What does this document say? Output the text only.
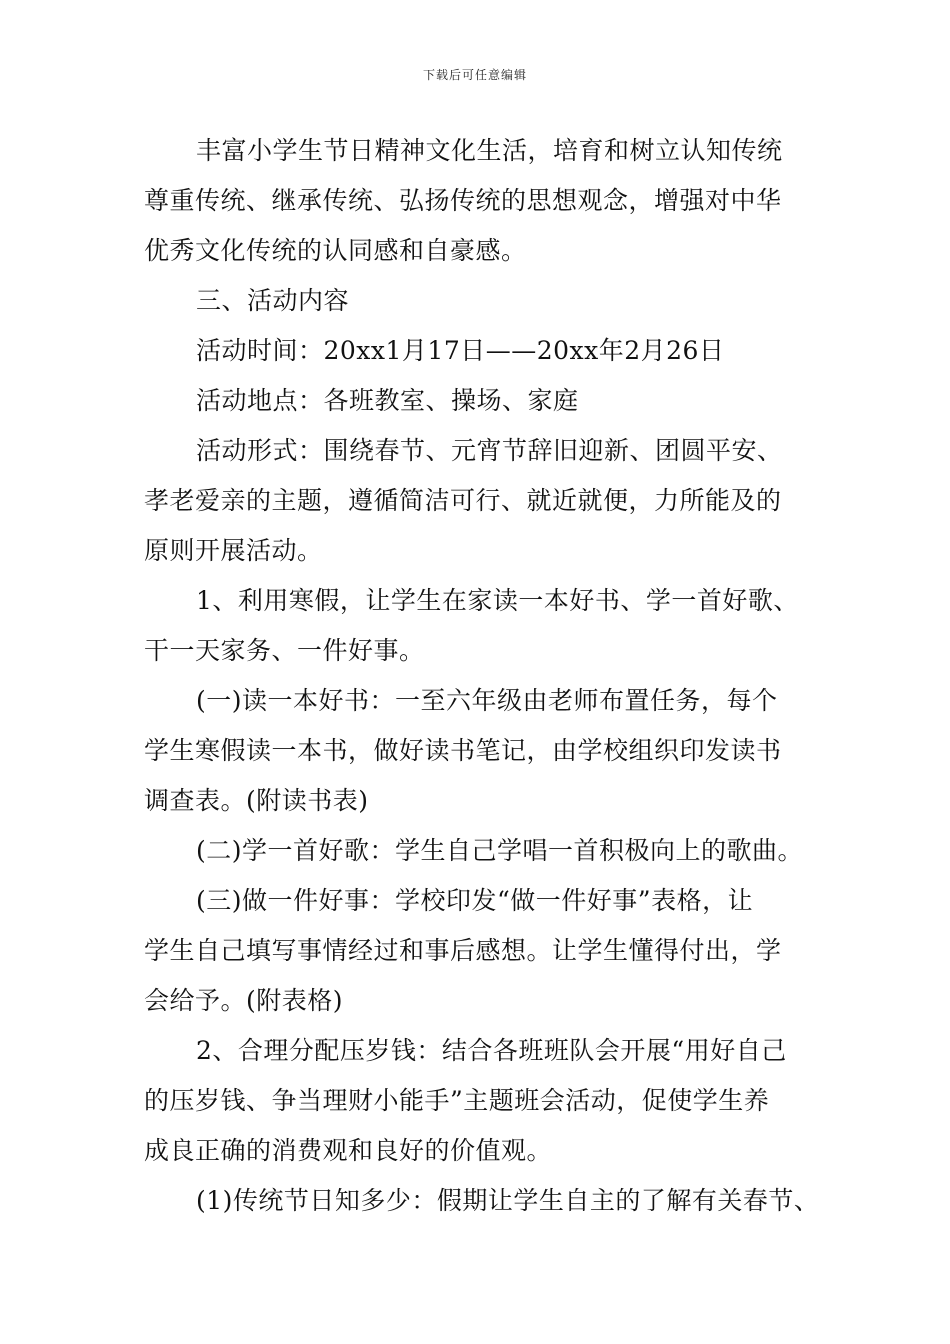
下载后可任意编辑

丰富小学生节日精神文化生活，培育和树立认知传统
尊重传统、继承传统、弘扬传统的思想观念，增强对中华
优秀文化传统的认同感和自豪感。

三、活动内容

活动时间：20xx1月17日——20xx年2月26日

活动地点：各班教室、操场、家庭

活动形式：围绕春节、元宵节辞旧迎新、团圆平安、
孝老爱亲的主题，遵循简洁可行、就近就便，力所能及的
原则开展活动。

1、利用寒假，让学生在家读一本好书、学一首好歌、
干一天家务、一件好事。

(一)读一本好书：一至六年级由老师布置任务，每个
学生寒假读一本书，做好读书笔记，由学校组织印发读书
调查表。(附读书表)

(二)学一首好歌：学生自己学唱一首积极向上的歌曲。

(三)做一件好事：学校印发“做一件好事”表格，让
学生自己填写事情经过和事后感想。让学生懂得付出，学
会给予。(附表格)

2、合理分配压岁钱：结合各班班队会开展“用好自己
的压岁钱、争当理财小能手”主题班会活动，促使学生养
成良正确的消费观和良好的价值观。

(1)传统节日知多少：假期让学生自主的了解有关春节、
